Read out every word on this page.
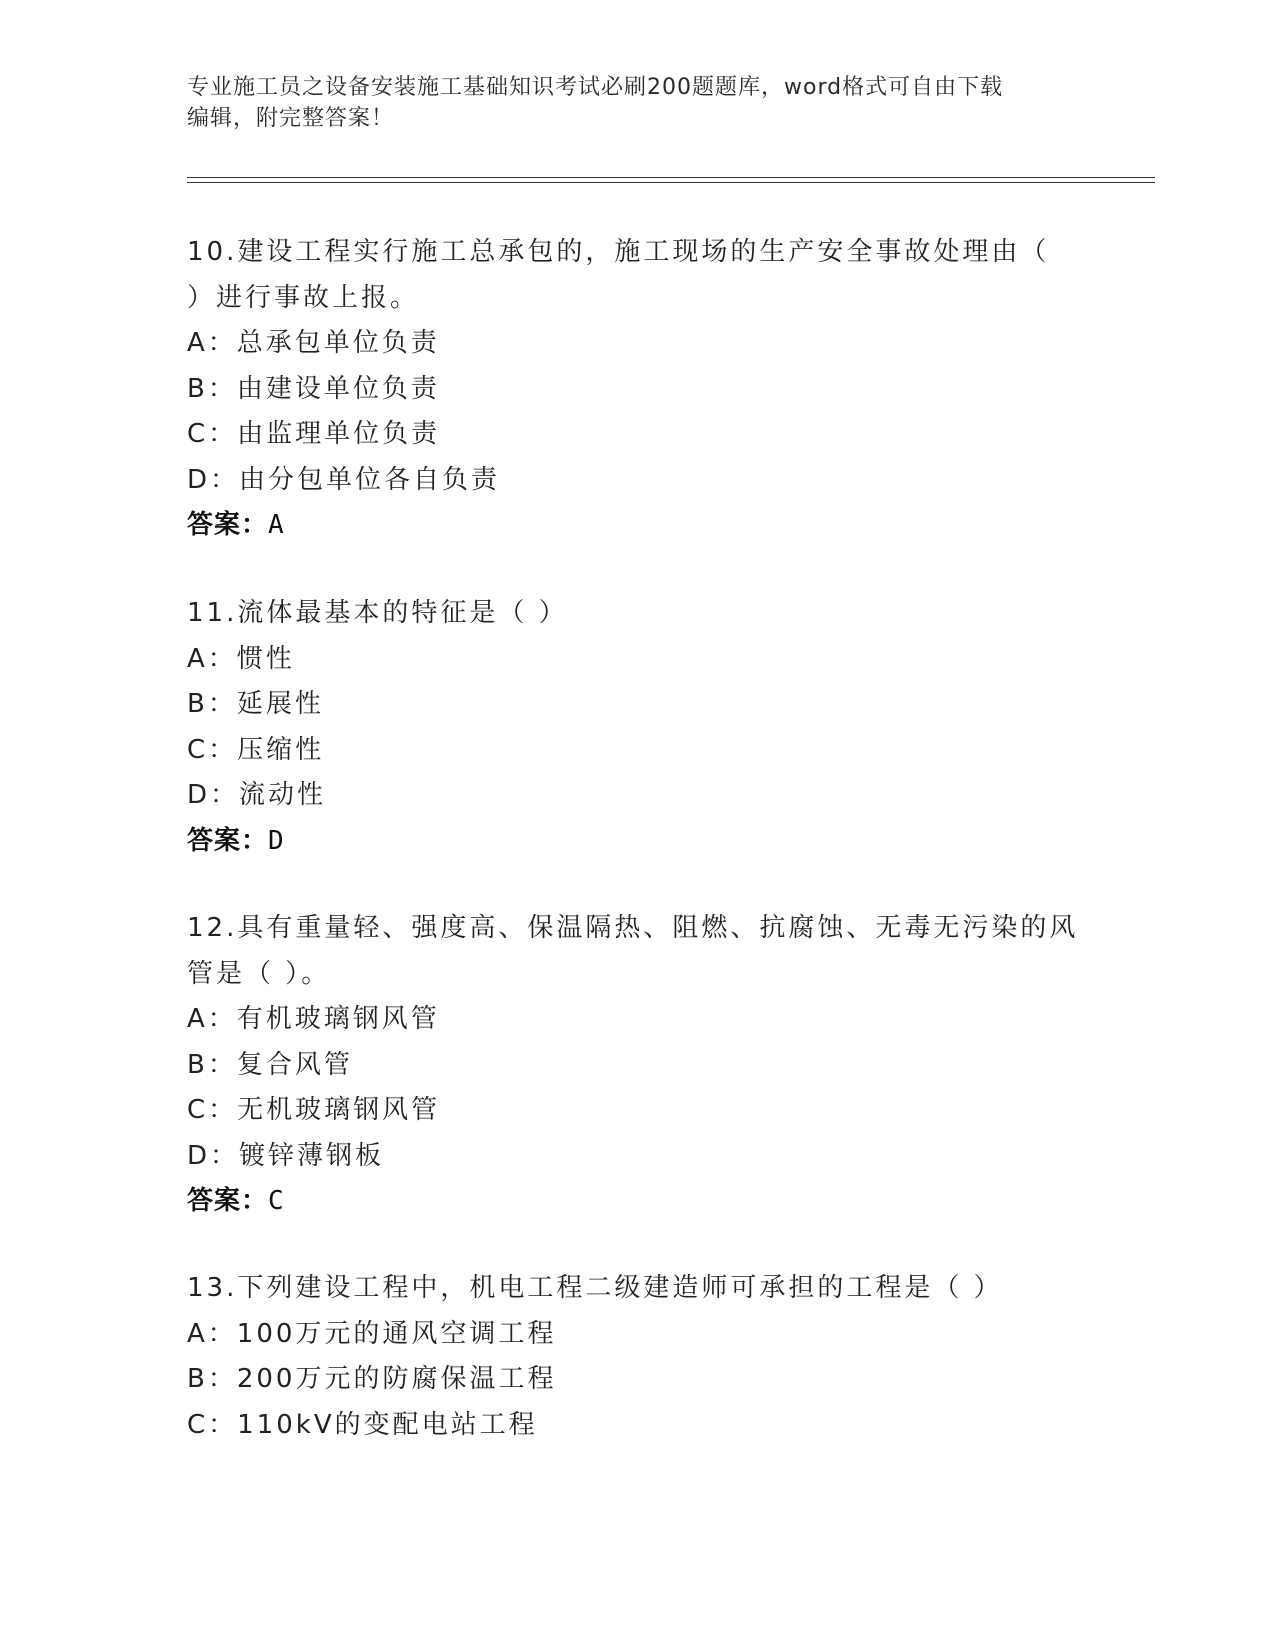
专业施工员之设备安装施工基础知识考试必刷200题题库，word格式可自由下载
编辑，附完整答案！
10.建设工程实行施工总承包的，施工现场的生产安全事故处理由（
）进行事故上报。
A：总承包单位负责
B：由建设单位负责
C：由监理单位负责
D：由分包单位各自负责
答案：A
11.流体最基本的特征是（ ）
A：惯性
B：延展性
C：压缩性
D：流动性
答案：D
12.具有重量轻、强度高、保温隔热、阻燃、抗腐蚀、无毒无污染的风
管是（ ）。
A：有机玻璃钢风管
B：复合风管
C：无机玻璃钢风管
D：镀锌薄钢板
答案：C
13.下列建设工程中，机电工程二级建造师可承担的工程是（ ）
A：100万元的通风空调工程
B：200万元的防腐保温工程
C：110kV的变配电站工程
